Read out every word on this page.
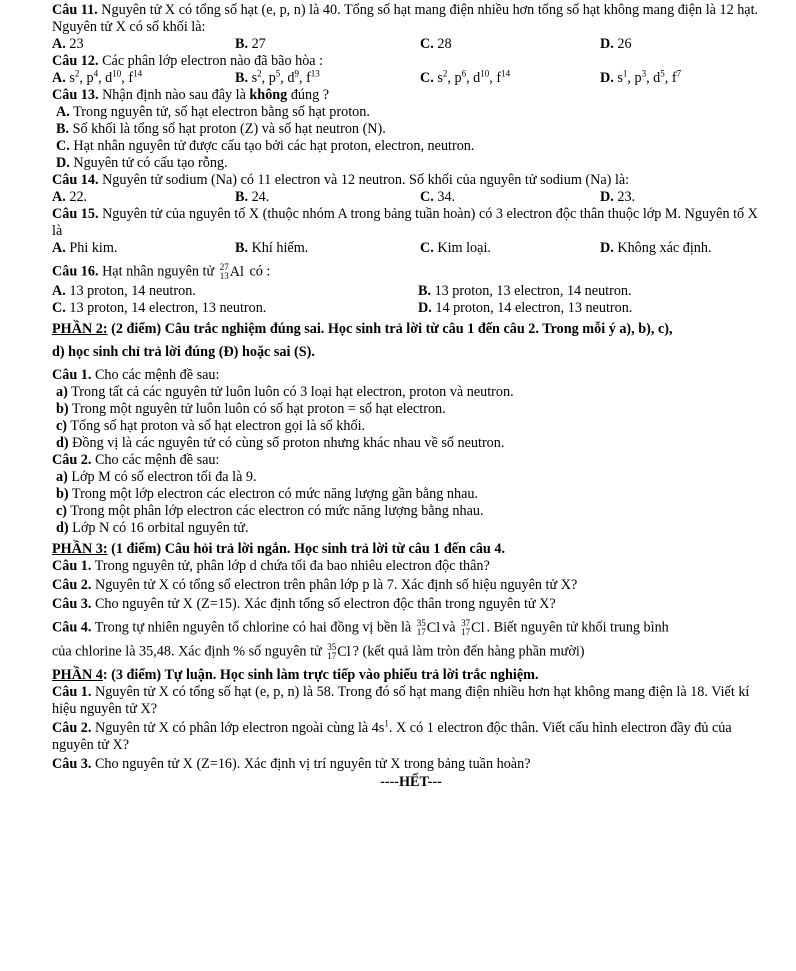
Câu 11. Nguyên tử X có tổng số hạt (e, p, n) là 40. Tổng số hạt mang điện nhiều hơn tổng số hạt không mang điện là 12 hạt. Nguyên tử X có số khối là:

A. 23	B. 27	C. 28	D. 26

Câu 12. Các phân lớp electron nào đã bão hòa :

A. $s^2$, $p^4$, $d^{10}$, $f^{14}$	B. $s^2$, $p^5$, $d^9$, $f^{13}$	C. $s^2$, $p^6$, $d^{10}$, $f^{14}$	D. $s^1$, $p^3$, $d^5$, $f^7$

Câu 13. Nhận định nào sau đây là không đúng ?

A. Trong nguyên tử, số hạt electron bằng số hạt proton.

B. Số khối là tổng số hạt proton (Z) và số hạt neutron (N).

C. Hạt nhân nguyên tử được cấu tạo bởi các hạt proton, electron, neutron.

D. Nguyên tử có cấu tạo rỗng.

Câu 14. Nguyên tử sodium (Na) có 11 electron và 12 neutron. Số khối của nguyên tử sodium (Na) là:

A. 22.	B. 24.	C. 34.	D. 23.

Câu 15. Nguyên tử của nguyên tố X (thuộc nhóm A trong bảng tuần hoàn) có 3 electron độc thân thuộc lớp M. Nguyên tố X là

A. Phi kim.	B. Khí hiếm.	C. Kim loại.	D. Không xác định.

Câu 16. Hạt nhân nguyên tử 27
13 Al có :

A. 13 proton, 14 neutron.	B. 13 proton, 13 electron, 14 neutron.
C. 13 proton, 14 electron, 13 neutron.	D. 14 proton, 14 electron, 13 neutron.

PHẦN 2: (2 điểm) Câu trắc nghiệm đúng sai. Học sinh trả lời từ câu 1 đến câu 2. Trong mỗi ý a), b), c),

d) học sinh chỉ trả lời đúng (Đ) hoặc sai (S).

Câu 1. Cho các mệnh đề sau:

a) Trong tất cả các nguyên tử luôn luôn có 3 loại hạt electron, proton và neutron.

b) Trong một nguyên tử luôn luôn có số hạt proton = số hạt electron.

c) Tổng số hạt proton và số hạt electron gọi là số khối.

d) Đồng vị là các nguyên tử có cùng số proton nhưng khác nhau về số neutron.

Câu 2. Cho các mệnh đề sau:

a) Lớp M có số electron tối đa là 9.

b) Trong một lớp electron các electron có mức năng lượng gần bằng nhau.

c) Trong một phân lớp electron các electron có mức năng lượng bằng nhau.

d) Lớp N có 16 orbital nguyên tử.

PHẦN 3: (1 điểm) Câu hỏi trả lời ngắn. Học sinh trả lời từ câu 1 đến câu 4.

Câu 1. Trong nguyên tử, phân lớp d chứa tối đa bao nhiêu electron độc thân?

Câu 2. Nguyên tử X có tổng số electron trên phân lớp p là 7. Xác định số hiệu nguyên tử X?

Câu 3. Cho nguyên tử X (Z=15). Xác định tổng số electron độc thân trong nguyên tử X?

Câu 4. Trong tự nhiên nguyên tố chlorine có hai đồng vị bền là 35
17 Cl và 37
17 Cl . Biết nguyên tử khối trung bình

của chlorine là 35,48. Xác định % số nguyên tử 35
17 Cl ? (kết quả làm tròn đến hàng phần mười)

PHẦN 4: (3 điểm) Tự luận. Học sinh làm trực tiếp vào phiếu trả lời trắc nghiệm.

Câu 1. Nguyên tử X có tổng số hạt (e, p, n) là 58. Trong đó số hạt mang điện nhiều hơn hạt không mang điện là 18. Viết kí hiệu nguyên tử X?

Câu 2. Nguyên tử X có phân lớp electron ngoài cùng là $4s^1$. X có 1 electron độc thân. Viết cấu hình electron đầy đủ của nguyên tử X?

Câu 3. Cho nguyên tử X (Z=16). Xác định vị trí nguyên tử X trong bảng tuần hoàn?

----HẾT---
